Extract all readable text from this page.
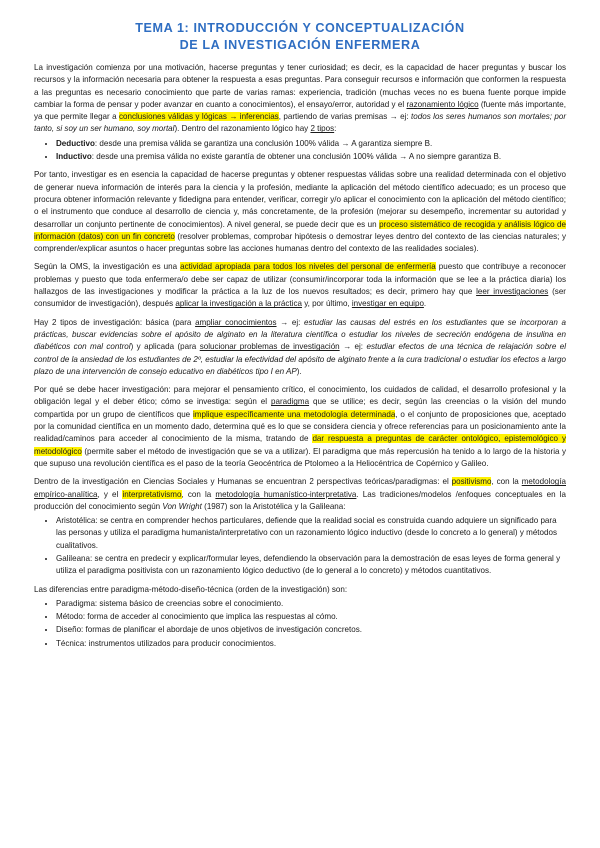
TEMA 1: INTRODUCCIÓN Y CONCEPTUALIZACIÓN
DE LA INVESTIGACIÓN ENFERMERA

La investigación comienza por una motivación, hacerse preguntas y tener curiosidad; es decir, es la capacidad de hacer preguntas y buscar los recursos y la información necesaria para obtener la respuesta a esas preguntas. Para conseguir recursos e información que conformen la respuesta a las preguntas es necesario conocimiento que parte de varias ramas: experiencia, tradición (muchas veces no es buena fuente porque impide cambiar la forma de pensar y poder avanzar en cuanto a conocimientos), el ensayo/error, autoridad y el razonamiento lógico (fuente más importante, ya que permite llegar a conclusiones válidas y lógicas → inferencias, partiendo de varias premisas → ej: todos los seres humanos son mortales; por tanto, si soy un ser humano, soy mortal). Dentro del razonamiento lógico hay 2 tipos:

• Deductivo: desde una premisa válida se garantiza una conclusión 100% válida → A garantiza siempre B.
• Inductivo: desde una premisa válida no existe garantía de obtener una conclusión 100% válida → A no siempre garantiza B.

Por tanto, investigar es en esencia la capacidad de hacerse preguntas y obtener respuestas válidas sobre una realidad determinada con el objetivo de generar nueva información de interés para la ciencia y la profesión, mediante la aplicación del método científico adecuado; es un proceso que procura obtener información relevante y fidedigna para entender, verificar, corregir y/o aplicar el conocimiento con la aplicación del método científico; o el instrumento que conduce al desarrollo de ciencia y, más concretamente, de la profesión (mejorar su desempeño, incrementar su autoridad y desarrollar un conjunto pertinente de conocimientos). A nivel general, se puede decir que es un proceso sistemático de recogida y análisis lógico de información (datos) con un fin concreto (resolver problemas, comprobar hipótesis o demostrar leyes dentro del contexto de las ciencias naturales; y comprender/explicar asuntos o hacer preguntas sobre las acciones humanas dentro del contexto de las realidades sociales).

Según la OMS, la investigación es una actividad apropiada para todos los niveles del personal de enfermería puesto que contribuye a reconocer problemas y puesto que toda enfermera/o debe ser capaz de utilizar (consumir/incorporar toda la información que se lee a la práctica diaria) los hallazgos de las investigaciones y modificar la práctica a la luz de los nuevos resultados; es decir, primero hay que leer investigaciones (ser consumidor de investigación), después aplicar la investigación a la práctica y, por último, investigar en equipo.

Hay 2 tipos de investigación: básica (para ampliar conocimientos → ej: estudiar las causas del estrés en los estudiantes que se incorporan a prácticas, buscar evidencias sobre el apósito de alginato en la literatura científica o estudiar los niveles de secreción endógena de insulina en diabéticos con mal control) y aplicada (para solucionar problemas de investigación → ej: estudiar efectos de una técnica de relajación sobre el control de la ansiedad de los estudiantes de 2º, estudiar la efectividad del apósito de alginato frente a la cura tradicional o estudiar los efectos a largo plazo de una intervención de consejo educativo en diabéticos tipo I en AP).

Por qué se debe hacer investigación: para mejorar el pensamiento crítico, el conocimiento, los cuidados de calidad, el desarrollo profesional y la obligación legal y el deber ético; cómo se investiga: según el paradigma que se utilice; es decir, según las creencias o la visión del mundo compartida por un grupo de científicos que implique específicamente una metodología determinada, o el conjunto de proposiciones que, aceptado por la comunidad científica en un momento dado, determina qué es lo que se considera ciencia y ofrece referencias para un posicionamiento ante la realidad/caminos para acceder al conocimiento de la misma, tratando de dar respuesta a preguntas de carácter ontológico, epistemológico y metodológico (permite saber el método de investigación que se va a utilizar). El paradigma que más repercusión ha tenido a lo largo de la historia y que supuso una revolución científica es el paso de la teoría Geocéntrica de Ptolomeo a la Heliocéntrica de Copérnico y Galileo.

Dentro de la investigación en Ciencias Sociales y Humanas se encuentran 2 perspectivas teóricas/paradigmas: el positivismo, con la metodología empírico-analítica, y el interpretativismo, con la metodología humanístico-interpretativa. Las tradiciones/modelos /enfoques conceptuales en la producción del conocimiento según Von Wright (1987) son la Aristotélica y la Galileana:

• Aristotélica: se centra en comprender hechos particulares, defiende que la realidad social es construida cuando adquiere un significado para las personas y utiliza el paradigma humanista/interpretativo con un razonamiento lógico inductivo (desde lo concreto a lo general) y métodos cualitativos.
• Galileana: se centra en predecir y explicar/formular leyes, defendiendo la observación para la demostración de esas leyes de forma general y utiliza el paradigma positivista con un razonamiento lógico deductivo (de lo general a lo concreto) y métodos cuantitativos.

Las diferencias entre paradigma-método-diseño-técnica (orden de la investigación) son:

• Paradigma: sistema básico de creencias sobre el conocimiento.
• Método: forma de acceder al conocimiento que implica las respuestas al cómo.
• Diseño: formas de planificar el abordaje de unos objetivos de investigación concretos.
• Técnica: instrumentos utilizados para producir conocimientos.
